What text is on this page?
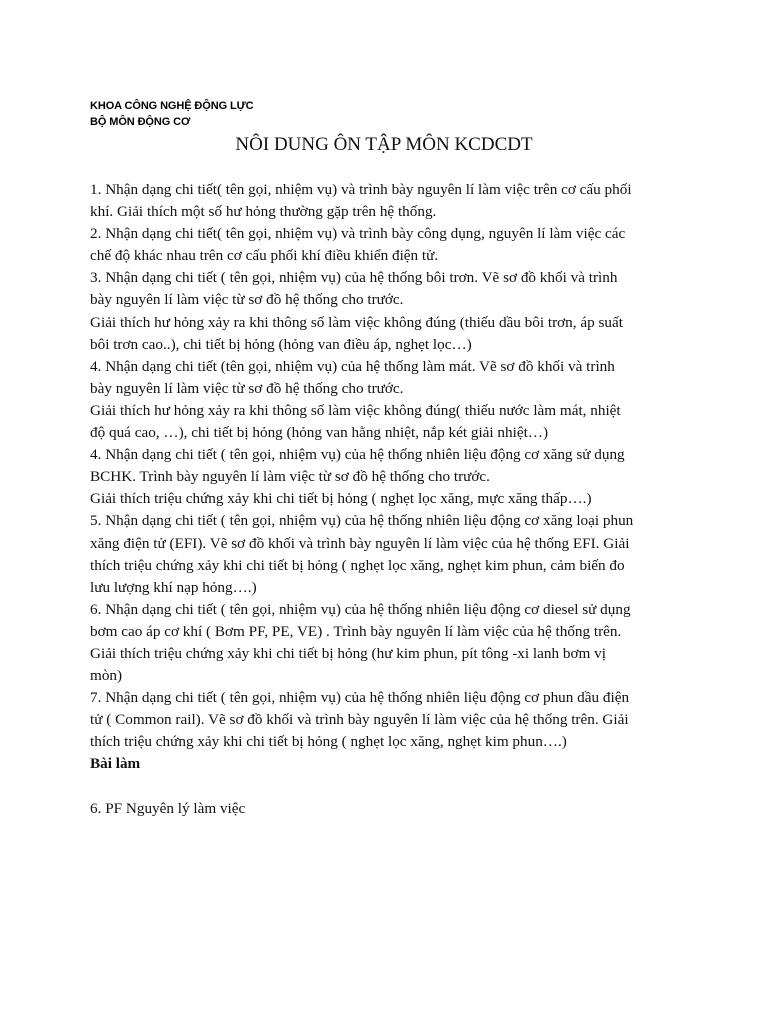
KHOA CÔNG NGHỆ ĐỘNG LỰC
BỘ MÔN ĐỘNG CƠ
NÔI DUNG ÔN TẬP MÔN KCDCDT
1. Nhận dạng chi tiết( tên gọi, nhiệm vụ) và trình bày nguyên lí làm việc trên cơ cấu phối
khí. Giải thích một số hư hỏng thường gặp trên hệ thống.
2. Nhận dạng chi tiết( tên gọi, nhiệm vụ) và trình bày công dụng, nguyên lí làm việc các
chế độ khác nhau trên cơ cấu phối khí điều khiển điện tử.
3. Nhận dạng chi tiết ( tên gọi, nhiệm vụ) của hệ thống bôi trơn. Vẽ sơ đồ khối và trình
bày nguyên lí làm việc từ sơ đồ hệ thống cho trước.
Giải thích hư hỏng xảy ra khi thông số làm việc không đúng (thiếu dầu bôi trơn, áp suất
bôi trơn cao..), chi tiết bị hỏng (hỏng van điều áp, nghẹt lọc…)
4. Nhận dạng chi tiết (tên gọi, nhiệm vụ) của hệ thống làm mát. Vẽ sơ đồ khối và trình
bày nguyên lí làm việc từ sơ đồ hệ thống cho trước.
Giải thích hư hỏng xảy ra khi thông số làm việc không đúng( thiếu nước làm mát, nhiệt
độ quá cao, …), chi tiết bị hỏng (hỏng van hằng nhiệt, nắp két giải nhiệt…)
4. Nhận dạng chi tiết ( tên gọi, nhiệm vụ) của hệ thống nhiên liệu động cơ xăng sử dụng
BCHK. Trình bày nguyên lí làm việc từ sơ đồ hệ thống cho trước.
Giải thích triệu chứng xảy khi chi tiết bị hỏng ( nghẹt lọc xăng, mực xăng thấp….)
5. Nhận dạng chi tiết ( tên gọi, nhiệm vụ) của hệ thống nhiên liệu động cơ xăng loại phun
xăng điện tử (EFI). Vẽ sơ đồ khối và trình bày nguyên lí làm việc của hệ thống EFI. Giải
thích triệu chứng xảy khi chi tiết bị hỏng ( nghẹt lọc xăng, nghẹt kim phun, cảm biến đo
lưu lượng khí nạp hỏng….)
6. Nhận dạng chi tiết ( tên gọi, nhiệm vụ) của hệ thống nhiên liệu động cơ diesel sử dụng
bơm cao áp cơ khí ( Bơm PF, PE, VE) . Trình bày nguyên lí làm việc của hệ thống trên.
Giải thích triệu chứng xảy khi chi tiết bị hỏng (hư kim phun, pít tông -xi lanh bơm vị
mòn)
7. Nhận dạng chi tiết ( tên gọi, nhiệm vụ) của hệ thống nhiên liệu động cơ phun dầu điện
tử ( Common rail). Vẽ sơ đồ khối và trình bày nguyên lí làm việc của hệ thống trên. Giải
thích triệu chứng xảy khi chi tiết bị hỏng ( nghẹt lọc xăng, nghẹt kim phun….)
Bài làm
6. PF Nguyên lý làm việc
